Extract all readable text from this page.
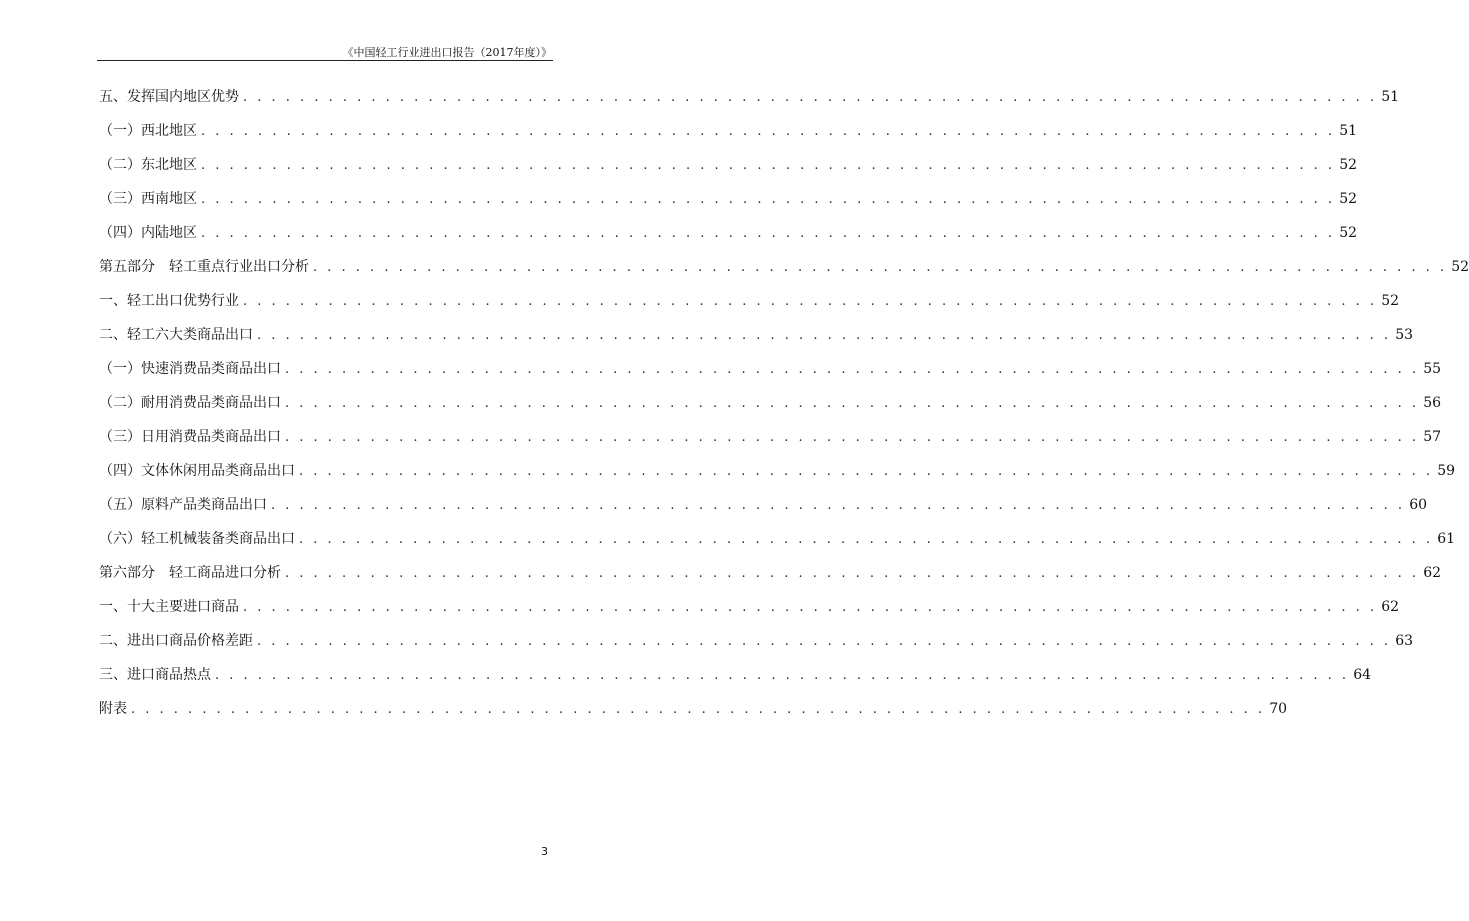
《中国轻工行业进出口报告（2017年度）》
五、发挥国内地区优势 . . . . . . . . . . . . . . . . . . . . . . . . . . . . . . . . . . . . . . . . . . . . . . . . . . . . . . . . . . . . . . . . . . . . . . . . . . . . . . . . 51
（一）西北地区 . . . . . . . . . . . . . . . . . . . . . . . . . . . . . . . . . . . . . . . . . . . . . . . . . . . . . . . . . . . . . . . . . . . . . . . . . . . . . . . . 51
（二）东北地区 . . . . . . . . . . . . . . . . . . . . . . . . . . . . . . . . . . . . . . . . . . . . . . . . . . . . . . . . . . . . . . . . . . . . . . . . . . . . . . . . 52
（三）西南地区 . . . . . . . . . . . . . . . . . . . . . . . . . . . . . . . . . . . . . . . . . . . . . . . . . . . . . . . . . . . . . . . . . . . . . . . . . . . . . . . . 52
（四）内陆地区 . . . . . . . . . . . . . . . . . . . . . . . . . . . . . . . . . . . . . . . . . . . . . . . . . . . . . . . . . . . . . . . . . . . . . . . . . . . . . . . . 52
第五部分　轻工重点行业出口分析 . . . . . . . . . . . . . . . . . . . . . . . . . . . . . . . . . . . . . . . . . . . . . . . . . . . . . . . . . . . . . . . . . . . . . . . . . . . . . . . . 52
一、轻工出口优势行业 . . . . . . . . . . . . . . . . . . . . . . . . . . . . . . . . . . . . . . . . . . . . . . . . . . . . . . . . . . . . . . . . . . . . . . . . . . . . . . . . 52
二、轻工六大类商品出口 . . . . . . . . . . . . . . . . . . . . . . . . . . . . . . . . . . . . . . . . . . . . . . . . . . . . . . . . . . . . . . . . . . . . . . . . . . . . . . . . 53
（一）快速消费品类商品出口 . . . . . . . . . . . . . . . . . . . . . . . . . . . . . . . . . . . . . . . . . . . . . . . . . . . . . . . . . . . . . . . . . . . . . . . . . . . . . . . . 55
（二）耐用消费品类商品出口 . . . . . . . . . . . . . . . . . . . . . . . . . . . . . . . . . . . . . . . . . . . . . . . . . . . . . . . . . . . . . . . . . . . . . . . . . . . . . . . . 56
（三）日用消费品类商品出口 . . . . . . . . . . . . . . . . . . . . . . . . . . . . . . . . . . . . . . . . . . . . . . . . . . . . . . . . . . . . . . . . . . . . . . . . . . . . . . . . 57
（四）文体休闲用品类商品出口 . . . . . . . . . . . . . . . . . . . . . . . . . . . . . . . . . . . . . . . . . . . . . . . . . . . . . . . . . . . . . . . . . . . . . . . . . . . . . . . . 59
（五）原料产品类商品出口 . . . . . . . . . . . . . . . . . . . . . . . . . . . . . . . . . . . . . . . . . . . . . . . . . . . . . . . . . . . . . . . . . . . . . . . . . . . . . . . . 60
（六）轻工机械装备类商品出口 . . . . . . . . . . . . . . . . . . . . . . . . . . . . . . . . . . . . . . . . . . . . . . . . . . . . . . . . . . . . . . . . . . . . . . . . . . . . . . . . 61
第六部分　轻工商品进口分析 . . . . . . . . . . . . . . . . . . . . . . . . . . . . . . . . . . . . . . . . . . . . . . . . . . . . . . . . . . . . . . . . . . . . . . . . . . . . . . . . 62
一、十大主要进口商品 . . . . . . . . . . . . . . . . . . . . . . . . . . . . . . . . . . . . . . . . . . . . . . . . . . . . . . . . . . . . . . . . . . . . . . . . . . . . . . . . 62
二、进出口商品价格差距 . . . . . . . . . . . . . . . . . . . . . . . . . . . . . . . . . . . . . . . . . . . . . . . . . . . . . . . . . . . . . . . . . . . . . . . . . . . . . . . . 63
三、进口商品热点 . . . . . . . . . . . . . . . . . . . . . . . . . . . . . . . . . . . . . . . . . . . . . . . . . . . . . . . . . . . . . . . . . . . . . . . . . . . . . . . . 64
附表 . . . . . . . . . . . . . . . . . . . . . . . . . . . . . . . . . . . . . . . . . . . . . . . . . . . . . . . . . . . . . . . . . . . . . . . . . . . . . . . . 70
3
